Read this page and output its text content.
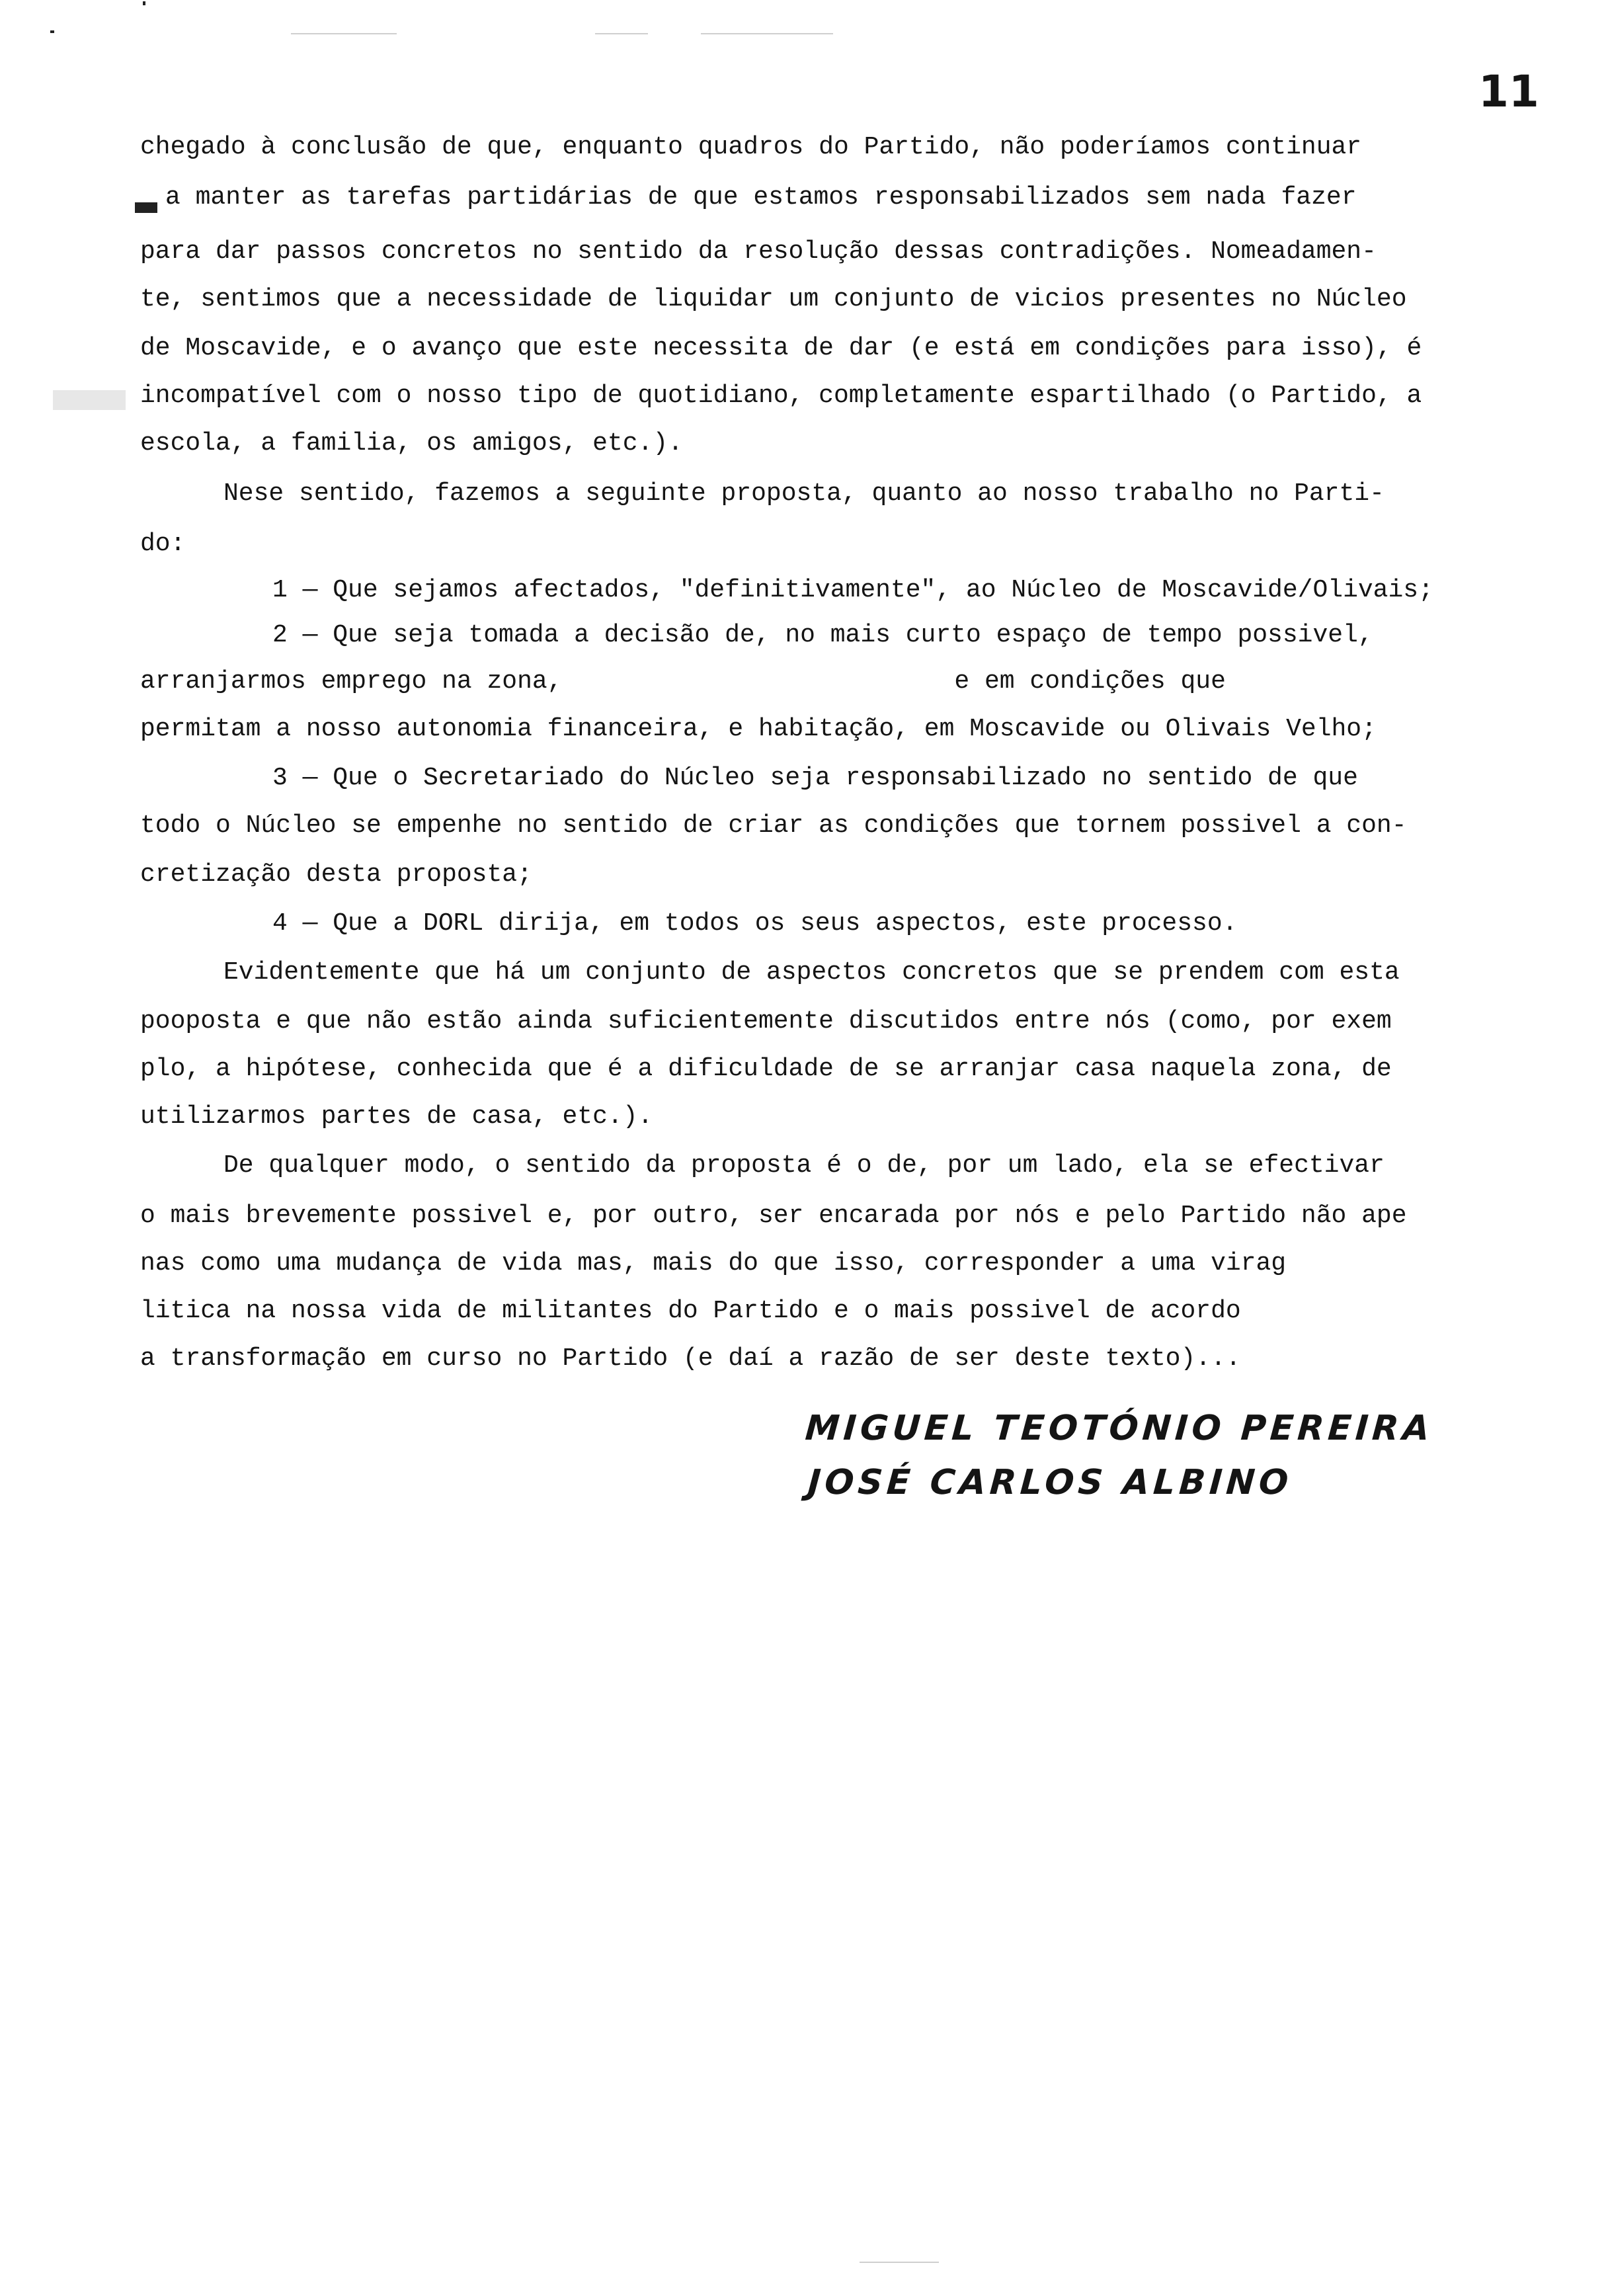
11
chegado à conclusão de que, enquanto quadros do Partido, não poderíamos continuar
a manter as tarefas partidárias de que estamos responsabilizados sem nada fazer
para dar passos concretos no sentido da resolução dessas contradições. Nomeadamen-
te, sentimos que a necessidade de liquidar um conjunto de vicios presentes no Núcleo
de Moscavide, e o avanço que este necessita de dar (e está em condições para isso), é
incompatível com o nosso tipo de quotidiano, completamente espartilhado (o Partido, a
escola, a familia, os amigos, etc.).
Nese sentido, fazemos a seguinte proposta, quanto ao nosso trabalho no Parti-
do:
1 — Que sejamos afectados, "definitivamente", ao Núcleo de Moscavide/Olivais;
2 — Que seja tomada a decisão de, no mais curto espaço de tempo possivel,
arranjarmos emprego na zona,                          e em condições que
permitam a nosso autonomia financeira, e habitação, em Moscavide ou Olivais Velho;
3 — Que o Secretariado do Núcleo seja responsabilizado no sentido de que
todo o Núcleo se empenhe no sentido de criar as condições que tornem possivel a con-
cretização desta proposta;
4 — Que a DORL dirija, em todos os seus aspectos, este processo.
Evidentemente que há um conjunto de aspectos concretos que se prendem com esta
pooposta e que não estão ainda suficientemente discutidos entre nós (como, por exem
plo, a hipótese, conhecida que é a dificuldade de se arranjar casa naquela zona, de
utilizarmos partes de casa, etc.).
De qualquer modo, o sentido da proposta é o de, por um lado, ela se efectivar
o mais brevemente possivel e, por outro, ser encarada por nós e pelo Partido não ape
nas como uma mudança de vida mas, mais do que isso, corresponder a uma virag
litica na nossa vida de militantes do Partido e o mais possivel de acordo
a transformação em curso no Partido (e daí a razão de ser deste texto)...
MIGUEL TEOTÓNIO PEREIRA
JOSÉ CARLOS ALBINO
